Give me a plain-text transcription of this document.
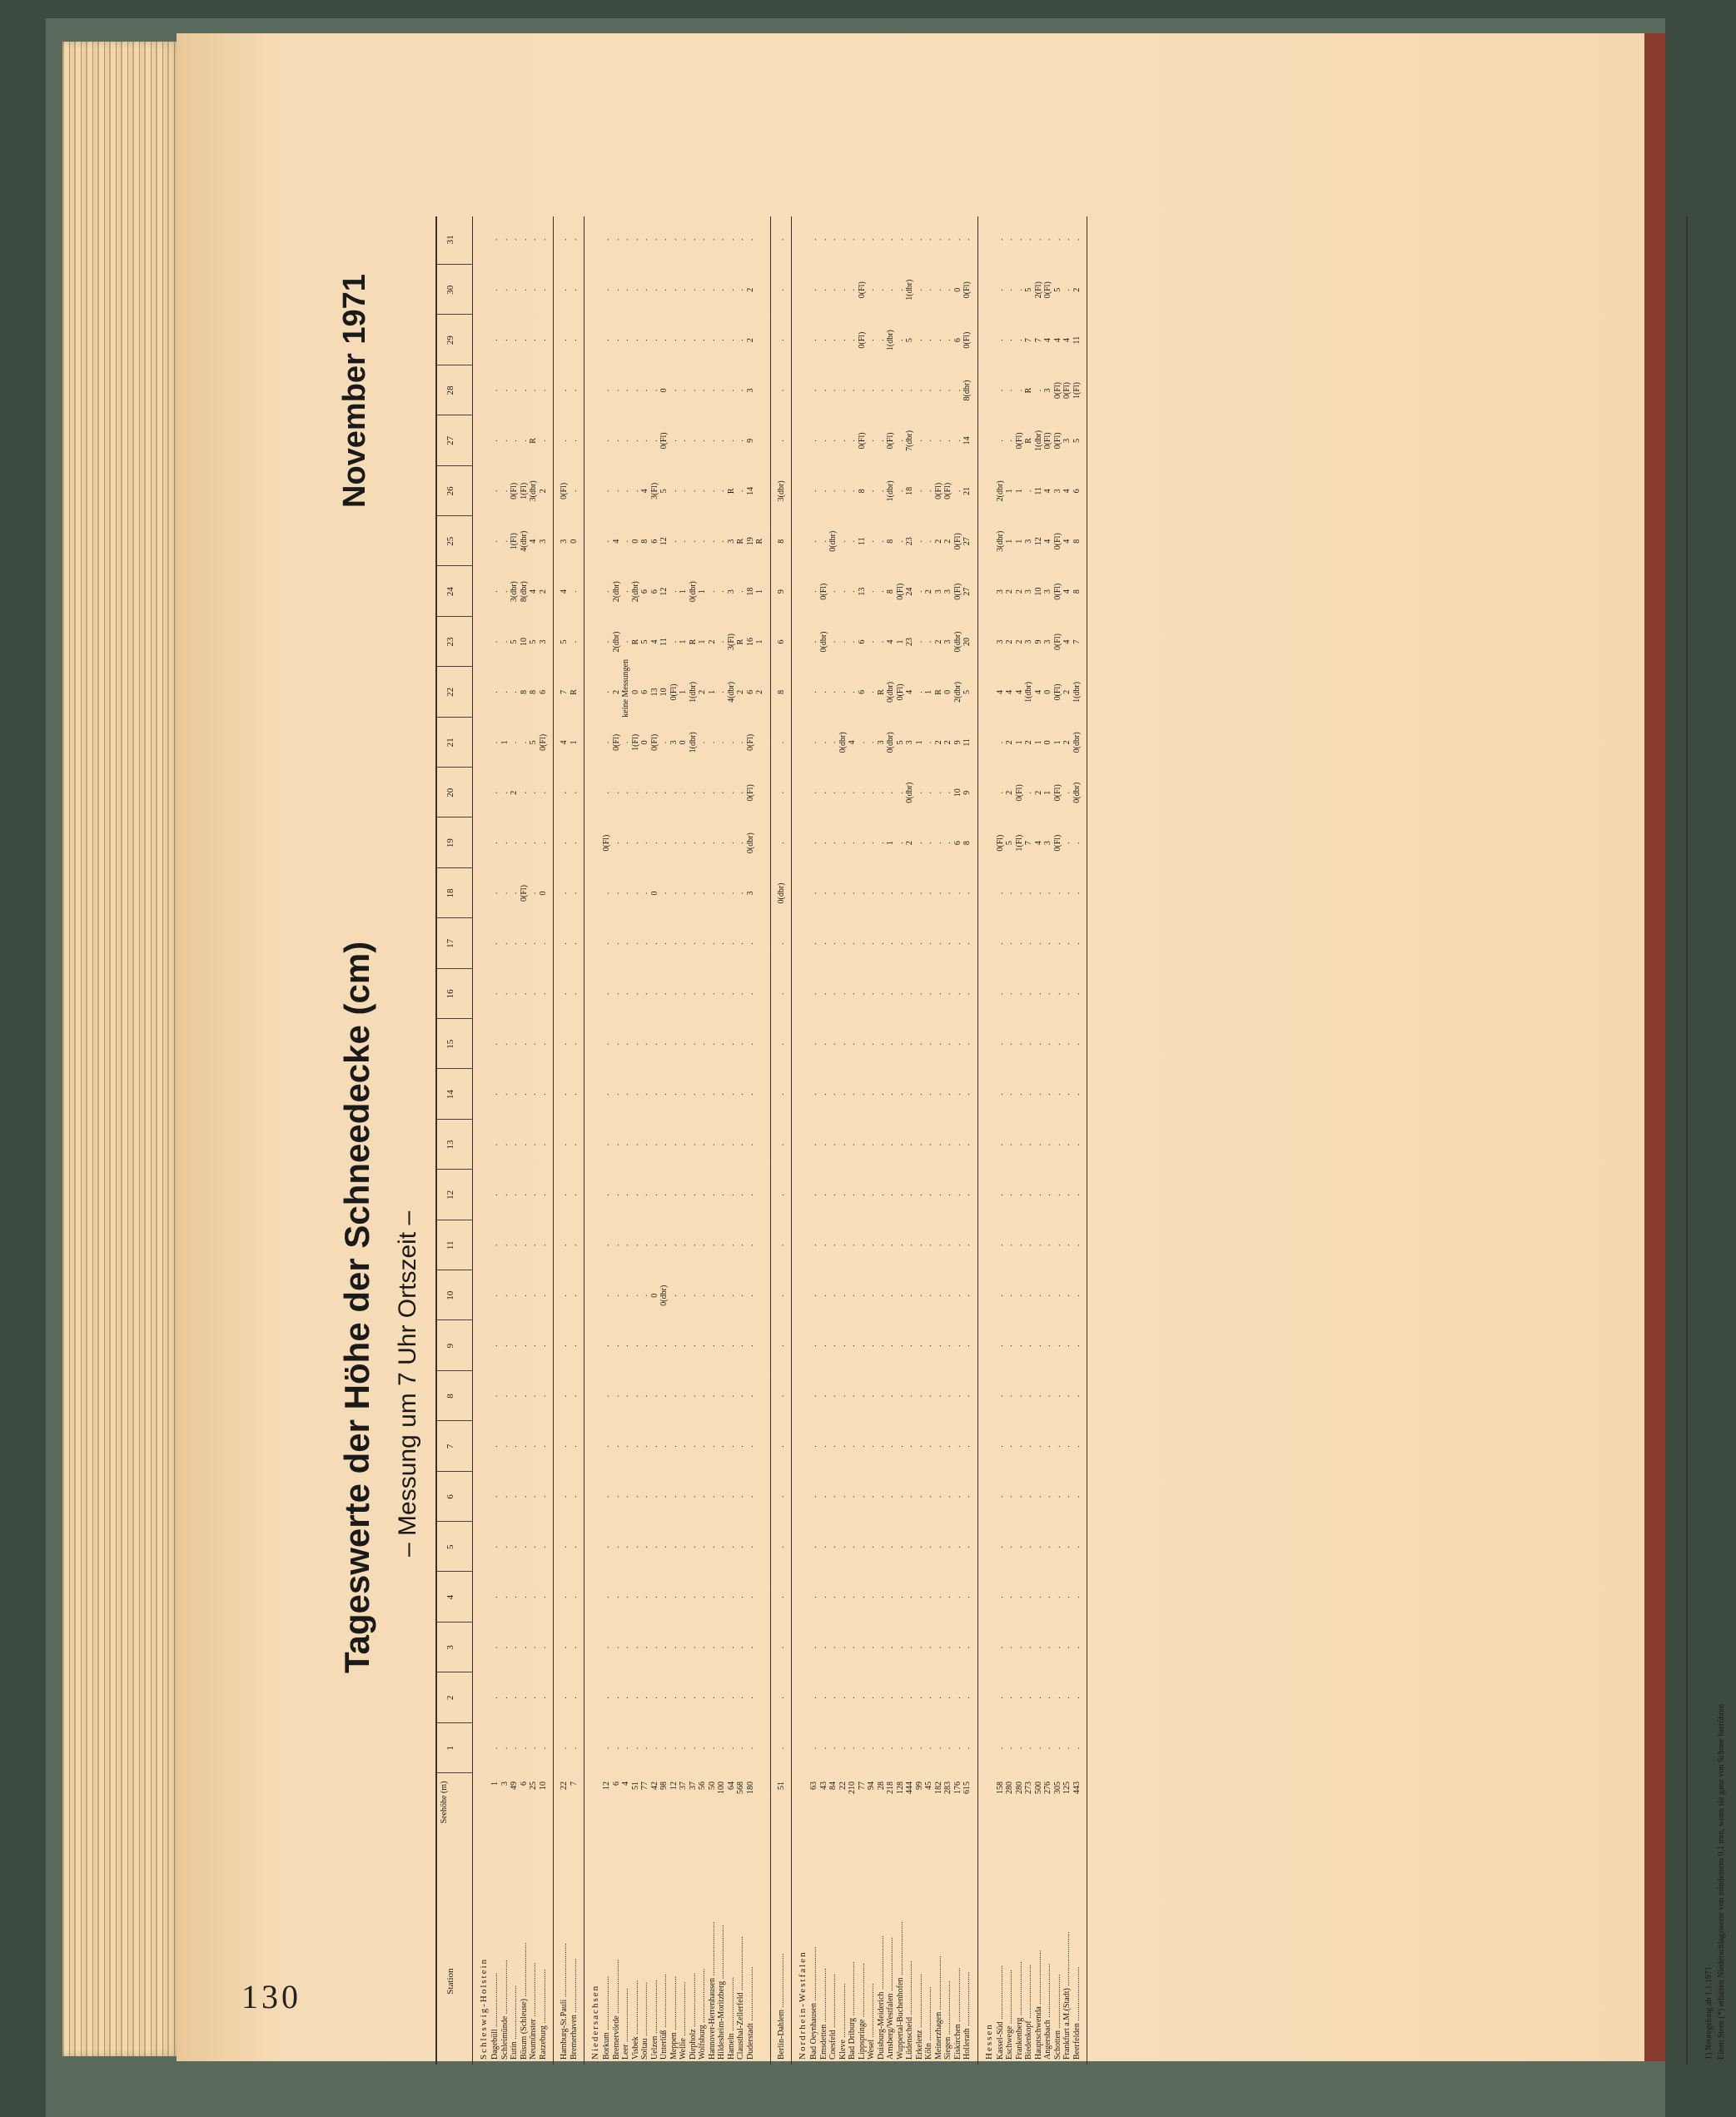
130
Tageswerte der Höhe der Schneedecke (cm) – Messung um 7 Uhr Ortszeit –
November 1971
Station
Seehöhe (m)
1
2
3
4
5
6
7
8
9
10
11
12
13
14
15
16
17
18
19
20
21
22
23
24
25
26
27
28
29
30
31
Schleswig-Holstein Dagebüll ..........................
1
.
.
.
.
.
.
.
.
.
.
.
.
.
.
.
.
.
.
.
.
.
.
.
.
.
.
.
.
.
.
.
Schleimünde ..........................
3
.
.
.
.
.
.
.
.
.
.
.
.
.
.
.
.
.
.
.
.
1
.
.
.
.
.
.
.
.
.
.
Eutin ..........................
49
.
.
.
.
.
.
.
.
.
.
.
.
.
.
.
.
.
.
.
2
.
.
5
3(dbr)
1(Fl)
0(Fl)
.
.
.
.
.
Büsum (Schleuse) ..........................
6
.
.
.
.
.
.
.
.
.
.
.
.
.
.
.
.
.
0(Fl)
.
.
.
8
10
8(dbr)
4(dbr)
1(Fl)
.
.
.
.
.
Neumünster ..........................
25
.
.
.
.
.
.
.
.
.
.
.
.
.
.
.
.
.
.
.
.
5
8
5
4
4
3(dbr)
R
.
.
.
.
Ratzeburg ..........................
10
.
.
.
.
.
.
.
.
.
.
.
.
.
.
.
.
.
0
.
.
0(Fl)
6
3
2
3
2
.
.
.
.
.
Hamburg-St.Pauli ..........................
22
.
.
.
.
.
.
.
.
.
.
.
.
.
.
.
.
.
.
.
.
4
7
5
4
3
0(Fl)
.
.
.
.
.
Bremerhaven ..........................
7
.
.
.
.
.
.
.
.
.
.
.
.
.
.
.
.
.
.
.
.
1
R
.
.
0
.
.
.
.
.
.
Niedersachsen Borkum ..........................
12
.
.
.
.
.
.
.
.
.
.
.
.
.
.
.
.
.
.
0(Fl)
.
.
.
.
.
.
.
.
.
.
.
.
Bremervörde ..........................
6
.
.
.
.
.
.
.
.
.
.
.
.
.
.
.
.
.
.
.
.
0(Fl)
2
2(dbr)
2(dbr)
4
.
.
.
.
.
.
Leer ..........................
4
.
.
.
.
.
.
.
.
.
.
.
.
.
.
.
.
.
.
.
.
.
keine Messungen
.
.
.
.
.
.
.
.
.
Visbek ..........................
51
.
.
.
.
.
.
.
.
.
.
.
.
.
.
.
.
.
.
.
.
1(Fl)
0
R
2(dbr)
0
.
.
.
.
.
.
Soltau ..........................
77
.
.
.
.
.
.
.
.
.
.
.
.
.
.
.
.
.
.
.
.
0
6
5
6
8
4
.
.
.
.
.
Uelzen ..........................
42
.
.
.
.
.
.
.
.
.
0
.
.
.
.
.
.
.
0
.
.
0(Fl)
13
4
6
6
3(Fl)
.
.
.
.
.
Unterlüß ..........................
98
.
.
.
.
.
.
.
.
.
0(dbr)
.
.
.
.
.
.
.
.
.
.
.
10
11
12
12
5
0(Fl)
0
.
.
.
Meppen ..........................
12
.
.
.
.
.
.
.
.
.
.
.
.
.
.
.
.
.
.
.
.
3
0(Fl)
.
.
.
.
.
.
.
.
.
Wellie ..........................
37
.
.
.
.
.
.
.
.
.
.
.
.
.
.
.
.
.
.
.
.
0
1
1
1
.
.
.
.
.
.
.
Diepholz ..........................
37
.
.
.
.
.
.
.
.
.
.
.
.
.
.
.
.
.
.
.
.
1(dbr)
1(dbr)
R
0(dbr)
.
.
.
.
.
.
.
Wolfsburg ..........................
56
.
.
.
.
.
.
.
.
.
.
.
.
.
.
.
.
.
.
.
.
.
2
1
1
.
.
.
.
.
.
.
Hannover-Herrenhausen ..........................
50
.
.
.
.
.
.
.
.
.
.
.
.
.
.
.
.
.
.
.
.
.
1
2
.
.
.
.
.
.
.
.
Hildesheim-Moritzberg ..........................
100
.
.
.
.
.
.
.
.
.
.
.
.
.
.
.
.
.
.
.
.
.
.
.
.
.
.
.
.
.
.
.
Hameln ..........................
64
.
.
.
.
.
.
.
.
.
.
.
.
.
.
.
.
.
.
.
.
.
4(dbr)
3(Fl)
3
3
R
.
.
.
.
.
Clausthal-Zellerfeld ..........................
568
.
.
.
.
.
.
.
.
.
.
.
.
.
.
.
.
.
.
.
.
.
2
R
.
R
.
.
.
.
.
.
Duderstadt ..........................
180
.
.
.
.
.
.
.
.
.
.
.
.
.
.
.
.
.
3
0(dbr)
0(Fl)
0(Fl)
6
16
18
19
14
9
3
2
2
.
2
1
1
R
Berlin-Dahlem ..........................
51
.
.
.
.
.
.
.
.
.
.
.
.
.
.
.
.
.
0(dbr)
.
.
.
8
6
9
8
3(dbr)
.
.
.
.
.
Nordrhein-Westfalen Bad Oeynhausen ..........................
63
.
.
.
.
.
.
.
.
.
.
.
.
.
.
.
.
.
.
.
.
.
.
.
.
.
.
.
.
.
.
.
Emsdetten ..........................
43
.
.
.
.
.
.
.
.
.
.
.
.
.
.
.
.
.
.
.
.
.
.
0(dbr)
0(Fl)
.
.
.
.
.
.
.
Coesfeld ..........................
84
.
.
.
.
.
.
.
.
.
.
.
.
.
.
.
.
.
.
.
.
.
.
.
.
0(dbr)
.
.
.
.
.
.
Kleve ..........................
22
.
.
.
.
.
.
.
.
.
.
.
.
.
.
.
.
.
.
.
.
0(dbr)
.
.
.
.
.
.
.
.
.
.
Bad Driburg ..........................
210
.
.
.
.
.
.
.
.
.
.
.
.
.
.
.
.
.
.
.
.
4
.
.
.
.
.
.
.
.
.
.
Lippspringe ..........................
77
.
.
.
.
.
.
.
.
.
.
.
.
.
.
.
.
.
.
.
.
.
6
6
13
11
8
0(Fl)
.
0(Fl)
0(Fl)
.
Wesel ..........................
94
.
.
.
.
.
.
.
.
.
.
.
.
.
.
.
.
.
.
.
.
.
.
.
.
.
.
.
.
.
.
.
Duisburg-Meiderich ..........................
28
.
.
.
.
.
.
.
.
.
.
.
.
.
.
.
.
.
.
.
.
3
R
.
.
.
.
.
.
.
.
.
Arnsberg/Westfalen ..........................
218
.
.
.
.
.
.
.
.
.
.
.
.
.
.
.
.
.
.
1
.
0(dbr)
0(dbr)
4
8
8
1(dbr)
0(Fl)
.
1(dbr)
.
.
Wuppertal-Buchenhofen ..........................
128
.
.
.
.
.
.
.
.
.
.
.
.
.
.
.
.
.
.
.
.
5
0(Fl)
1
0(Fl)
.
.
.
.
.
.
.
Lüdenscheid ..........................
444
.
.
.
.
.
.
.
.
.
.
.
.
.
.
.
.
.
.
2
0(dbr)
3
4
23
24
23
18
7(dbr)
.
5
1(dbr)
.
Erkelenz ..........................
99
.
.
.
.
.
.
.
.
.
.
.
.
.
.
.
.
.
.
.
.
1
.
.
.
.
.
.
.
.
.
.
Köln ..........................
45
.
.
.
.
.
.
.
.
.
.
.
.
.
.
.
.
.
.
.
.
.
1
.
2
.
.
.
.
.
.
.
Meinerzhagen ..........................
182
.
.
.
.
.
.
.
.
.
.
.
.
.
.
.
.
.
.
.
.
2
R
2
3
2
0(Fl)
.
.
.
.
.
Siegen ..........................
283
.
.
.
.
.
.
.
.
.
.
.
.
.
.
.
.
.
.
.
.
2
0
3
3
2
0(Fl)
.
.
.
.
.
Eiskirchen ..........................
176
.
.
.
.
.
.
.
.
.
.
.
.
.
.
.
.
.
.
6
10
9
2(dbr)
0(dbr)
0(Fl)
0(Fl)
.
.
.
6
0
.
Hollerath ..........................
615
.
.
.
.
.
.
.
.
.
.
.
.
.
.
.
.
.
.
8
9
11
5
20
27
27
21
14
8(dbr)
0(Fl)
0(Fl)
.
Hessen Kassel-Süd ..........................
158
.
.
.
.
.
.
.
.
.
.
.
.
.
.
.
.
.
.
0(Fl)
.
.
4
3
3
3(dbr)
2(dbr)
.
.
.
.
.
Eschwege ..........................
280
.
.
.
.
.
.
.
.
.
.
.
.
.
.
.
.
.
.
5
2
2
4
2
2
1
1
.
.
.
.
.
Frankenberg ..........................
280
.
.
.
.
.
.
.
.
.
.
.
.
.
.
.
.
.
.
1(Fl)
0(Fl)
1
4
2
2
1
1
0(Fl)
.
.
.
.
Biedenkopf ..........................
273
.
.
.
.
.
.
.
.
.
.
.
.
.
.
.
.
.
.
7
.
2
1(dbr)
3
3
3
.
R
R
7
5
.
Hauptschwenda ..........................
500
.
.
.
.
.
.
.
.
.
.
.
.
.
.
.
.
.
.
4
2
1
4
9
10
12
11
1(dbr)
.
7
2(Fl)
.
Angersbach ..........................
276
.
.
.
.
.
.
.
.
.
.
.
.
.
.
.
.
.
.
3
1
0
0
3
3
4
4
0(Fl)
3
4
0(Fl)
.
Schotten ..........................
305
.
.
.
.
.
.
.
.
.
.
.
.
.
.
.
.
.
.
0(Fl)
0(Fl)
1
0(Fl)
0(Fl)
0(Fl)
0(Fl)
3
0(Fl)
0(Fl)
4
5
.
Frankfurt a.M.(Stadt) ..........................
125
.
.
.
.
.
.
.
.
.
.
.
.
.
.
.
.
.
.
.
.
2
2
4
4
4
4
3
0(Fl)
4
.
.
Beerfelden ..........................
443
.
.
.
.
.
.
.
.
.
.
.
.
.
.
.
.
.
.
.
0(dbr)
0(dbr)
1(dbr)
7
8
8
6
5
1(Fl)
11
2
.
1) Neuregelung ab 1.1.1971 Einen Stern (*) erhalten Niederschlagswerte von mindestens 0,1 mm, wenn sie ganz von Schnee herrühren
